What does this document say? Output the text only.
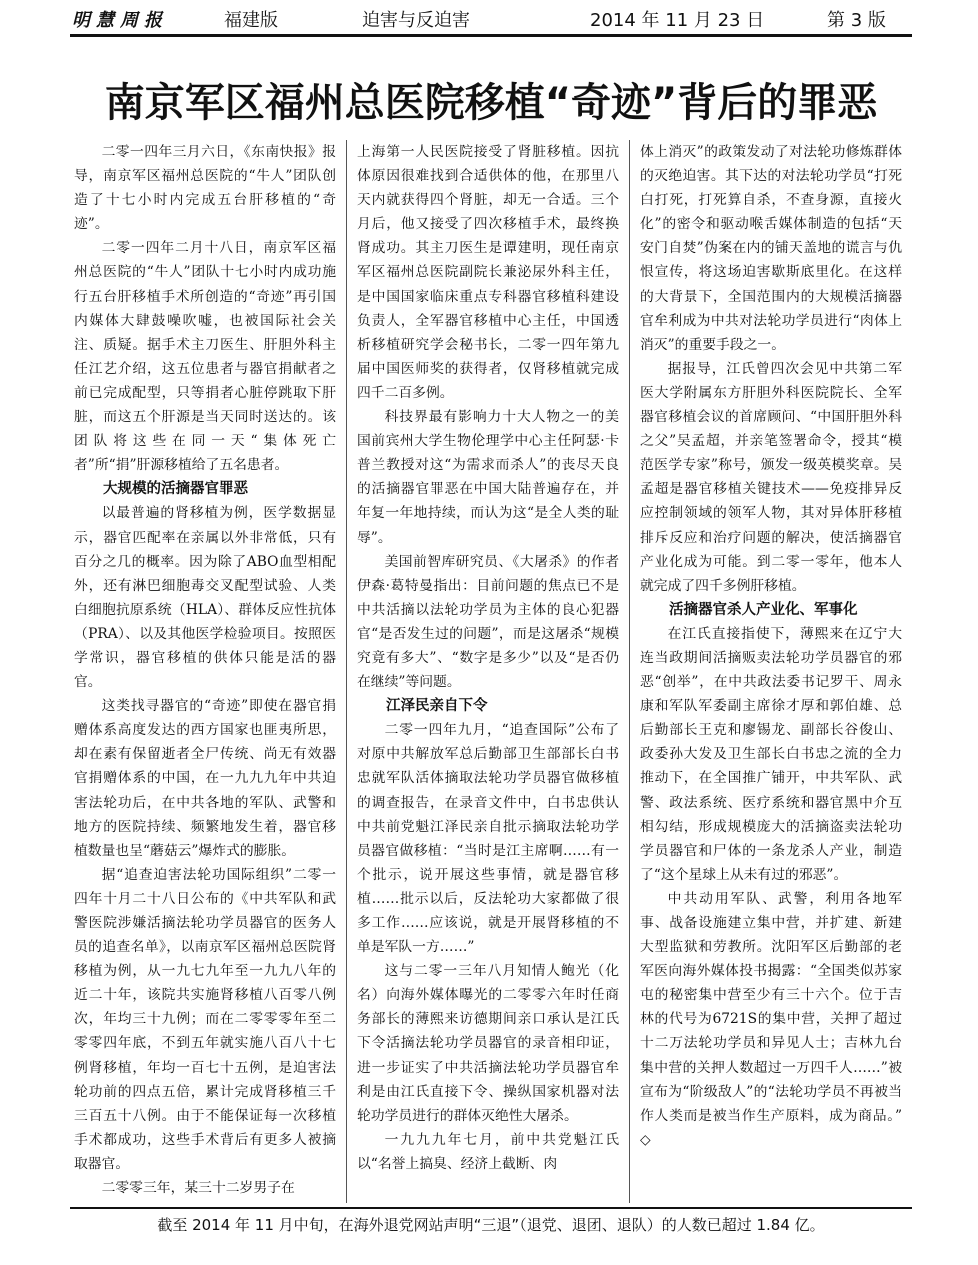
明慧周报	福建版	迫害与反迫害	2014 年 11 月 23 日	第 3 版
南京军区福州总医院移植“奇迹”背后的罪恶

二零一四年三月六日，《东南快报》报导，南京军区福州总医院的“牛人”团队创造了十七小时内完成五台肝移植的“奇迹”。

二零一四年二月十八日，南京军区福州总医院的“牛人”团队十七小时内成功施行五台肝移植手术所创造的“奇迹”再引国内媒体大肆鼓噪吹嘘，也被国际社会关注、质疑。据手术主刀医生、肝胆外科主任江艺介绍，这五位患者与器官捐献者之前已完成配型，只等捐者心脏停跳取下肝脏，而这五个肝源是当天同时送达的。该团队将这些在同一天“集体死亡者”所“捐”肝源移植给了五名患者。

大规模的活摘器官罪恶

以最普遍的肾移植为例，医学数据显示，器官匹配率在亲属以外非常低，只有百分之几的概率。因为除了ABO血型相配外，还有淋巴细胞毒交叉配型试验、人类白细胞抗原系统（HLA）、群体反应性抗体（PRA）、以及其他医学检验项目。按照医学常识，器官移植的供体只能是活的器官。

这类找寻器官的“奇迹”即使在器官捐赠体系高度发达的西方国家也匪夷所思，却在素有保留逝者全尸传统、尚无有效器官捐赠体系的中国，在一九九九年中共迫害法轮功后，在中共各地的军队、武警和地方的医院持续、频繁地发生着，器官移植数量也呈“蘑菇云”爆炸式的膨胀。

据“追查迫害法轮功国际组织”二零一四年十月二十八日公布的《中共军队和武警医院涉嫌活摘法轮功学员器官的医务人员的追查名单》，以南京军区福州总医院肾移植为例，从一九七九年至一九九八年的近二十年，该院共实施肾移植八百零八例次，年均三十九例；而在二零零零年至二零零四年底，不到五年就实施八百八十七例肾移植，年均一百七十五例，是迫害法轮功前的四点五倍，累计完成肾移植三千三百五十八例。由于不能保证每一次移植手术都成功，这些手术背后有更多人被摘取器官。

二零零三年，某三十二岁男子在

上海第一人民医院接受了肾脏移植。因抗体原因很难找到合适供体的他，在那里八天内就获得四个肾脏，却无一合适。三个月后，他又接受了四次移植手术，最终换肾成功。其主刀医生是谭建明，现任南京军区福州总医院副院长兼泌尿外科主任，是中国国家临床重点专科器官移植科建设负责人，全军器官移植中心主任，中国透析移植研究学会秘书长，二零一四年第九届中国医师奖的获得者，仅肾移植就完成四千二百多例。

科技界最有影响力十大人物之一的美国前宾州大学生物伦理学中心主任阿瑟·卡普兰教授对这“为需求而杀人”的丧尽天良的活摘器官罪恶在中国大陆普遍存在，并年复一年地持续，而认为这“是全人类的耻辱”。

美国前智库研究员、《大屠杀》的作者伊森·葛特曼指出：目前问题的焦点已不是中共活摘以法轮功学员为主体的良心犯器官“是否发生过的问题”，而是这屠杀“规模究竟有多大”、“数字是多少”以及“是否仍在继续”等问题。

江泽民亲自下令

二零一四年九月，“追查国际”公布了对原中共解放军总后勤部卫生部部长白书忠就军队活体摘取法轮功学员器官做移植的调查报告，在录音文件中，白书忠供认中共前党魁江泽民亲自批示摘取法轮功学员器官做移植：“当时是江主席啊……有一个批示，说开展这些事情，就是器官移植……批示以后，反法轮功大家都做了很多工作……应该说，就是开展肾移植的不单是军队一方……”

这与二零一三年八月知情人鲍光（化名）向海外媒体曝光的二零零六年时任商务部长的薄熙来访德期间亲口承认是江氏下令活摘法轮功学员器官的录音相印证，进一步证实了中共活摘法轮功学员器官牟利是由江氏直接下令、操纵国家机器对法轮功学员进行的群体灭绝性大屠杀。

一九九九年七月，前中共党魁江氏以“名誉上搞臭、经济上截断、肉

体上消灭”的政策发动了对法轮功修炼群体的灭绝迫害。其下达的对法轮功学员“打死白打死，打死算自杀，不查身源，直接火化”的密令和驱动喉舌媒体制造的包括“天安门自焚”伪案在内的铺天盖地的谎言与仇恨宣传，将这场迫害歇斯底里化。在这样的大背景下，全国范围内的大规模活摘器官牟利成为中共对法轮功学员进行“肉体上消灭”的重要手段之一。

据报导，江氏曾四次会见中共第二军医大学附属东方肝胆外科医院院长、全军器官移植会议的首席顾问、“中国肝胆外科之父”吴孟超，并亲笔签署命令，授其“模范医学专家”称号，颁发一级英模奖章。吴孟超是器官移植关键技术——免疫排异反应控制领域的领军人物，其对异体肝移植排斥反应和治疗问题的解决，使活摘器官产业化成为可能。到二零一零年，他本人就完成了四千多例肝移植。

活摘器官杀人产业化、军事化

在江氏直接指使下，薄熙来在辽宁大连当政期间活摘贩卖法轮功学员器官的邪恶“创举”，在中共政法委书记罗干、周永康和军队军委副主席徐才厚和郭伯雄、总后勤部长王克和廖锡龙、副部长谷俊山、政委孙大发及卫生部长白书忠之流的全力推动下，在全国推广铺开，中共军队、武警、政法系统、医疗系统和器官黑中介互相勾结，形成规模庞大的活摘盗卖法轮功学员器官和尸体的一条龙杀人产业，制造了“这个星球上从未有过的邪恶”。

中共动用军队、武警，利用各地军事、战备设施建立集中营，并扩建、新建大型监狱和劳教所。沈阳军区后勤部的老军医向海外媒体投书揭露：“全国类似苏家屯的秘密集中营至少有三十六个。位于吉林的代号为6721S的集中营，关押了超过十二万法轮功学员和异见人士；吉林九台集中营的关押人数超过一万四千人……”被宣布为“阶级敌人”的“法轮功学员不再被当作人类而是被当作生产原料，成为商品。” ◇

截至 2014 年 11 月中旬，在海外退党网站声明“三退”（退党、退团、退队）的人数已超过 1.84 亿。
